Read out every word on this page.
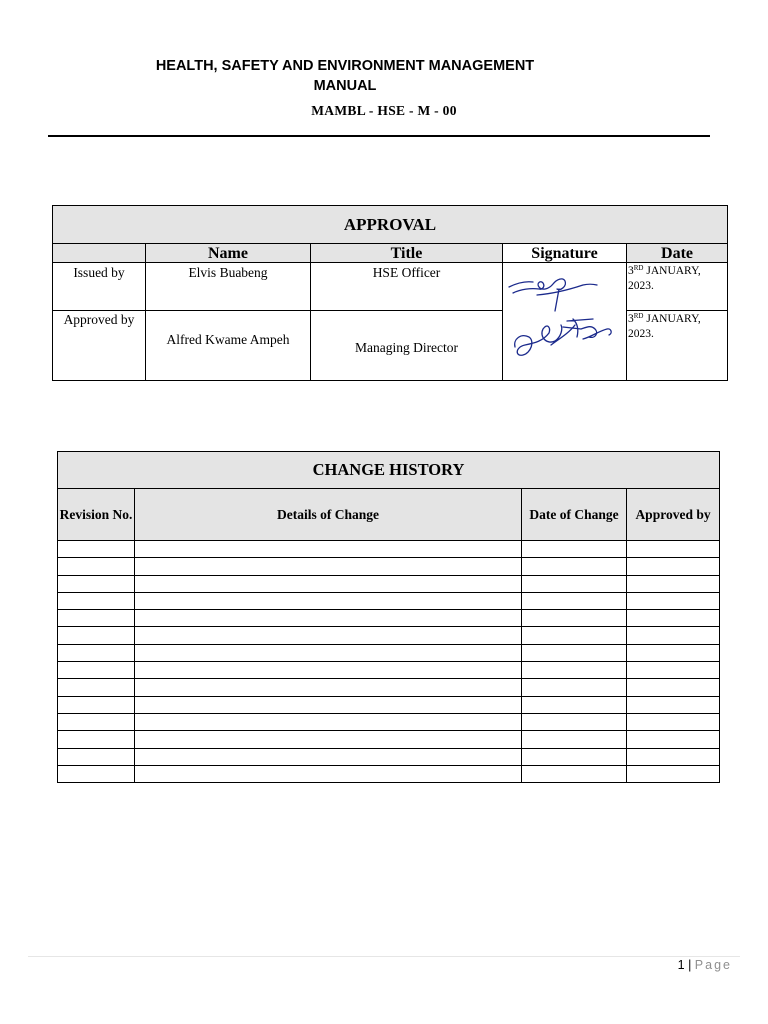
HEALTH, SAFETY AND ENVIRONMENT MANAGEMENT
MANUAL
MAMBL - HSE - M - 00
APPROVAL				
	Name	Title	Signature	Date
Issued by	Elvis Buabeng	HSE Officer		3RD JANUARY, 2023.
Approved by	Alfred Kwame Ampeh	Managing Director		3RD JANUARY, 2023.
CHANGE HISTORY			
Revision No.	Details of Change	Date of Change	Approved by

1 | Page
